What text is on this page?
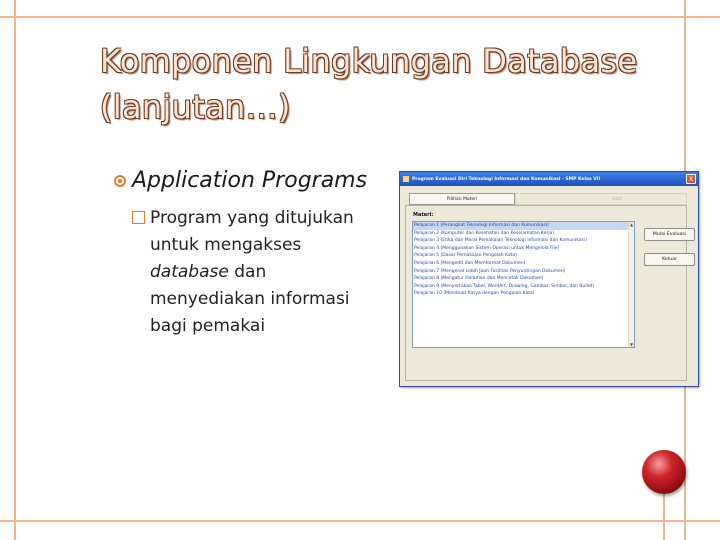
Komponen Lingkungan Database
(lanjutan…)
Application Programs
Program yang ditujukan
untuk mengakses
database dan
menyediakan informasi
bagi pemakai
Program Evaluasi Diri Teknologi Informasi dan Komunikasi - SMP Kelas VII	x
Pilihan Materi	Soal
Materi:
Pelajaran 1 (Perangkat Teknologi Informasi dan Komunikasi)
Pelajaran 2 (Komputer dan Kesehatan dan Keselamatan Kerja)
Pelajaran 3 (Etika dan Moral Pemakaian Teknologi Informasi dan Komunikasi)
Pelajaran 4 (Menggunakan Sistem Operasi untuk Mengelola File)
Pelajaran 5 (Dasar Pemakaian Pengolah Kata)
Pelajaran 6 (Mengedit dan Memformat Dokumen)
Pelajaran 7 (Mengenal Lebih Jauh Fasilitas Penyuntingan Dokumen)
Pelajaran 8 (Mengatur Halaman dan Mencetak Dokumen)
Pelajaran 9 (Menyertakan Tabel, WordArt, Drawing, Gambar, Simbol, dan Bullet)
Pelajaran 10 (Membuat Karya dengan Pengolah Kata)
▲
▼
Mulai Evaluasi
Keluar
